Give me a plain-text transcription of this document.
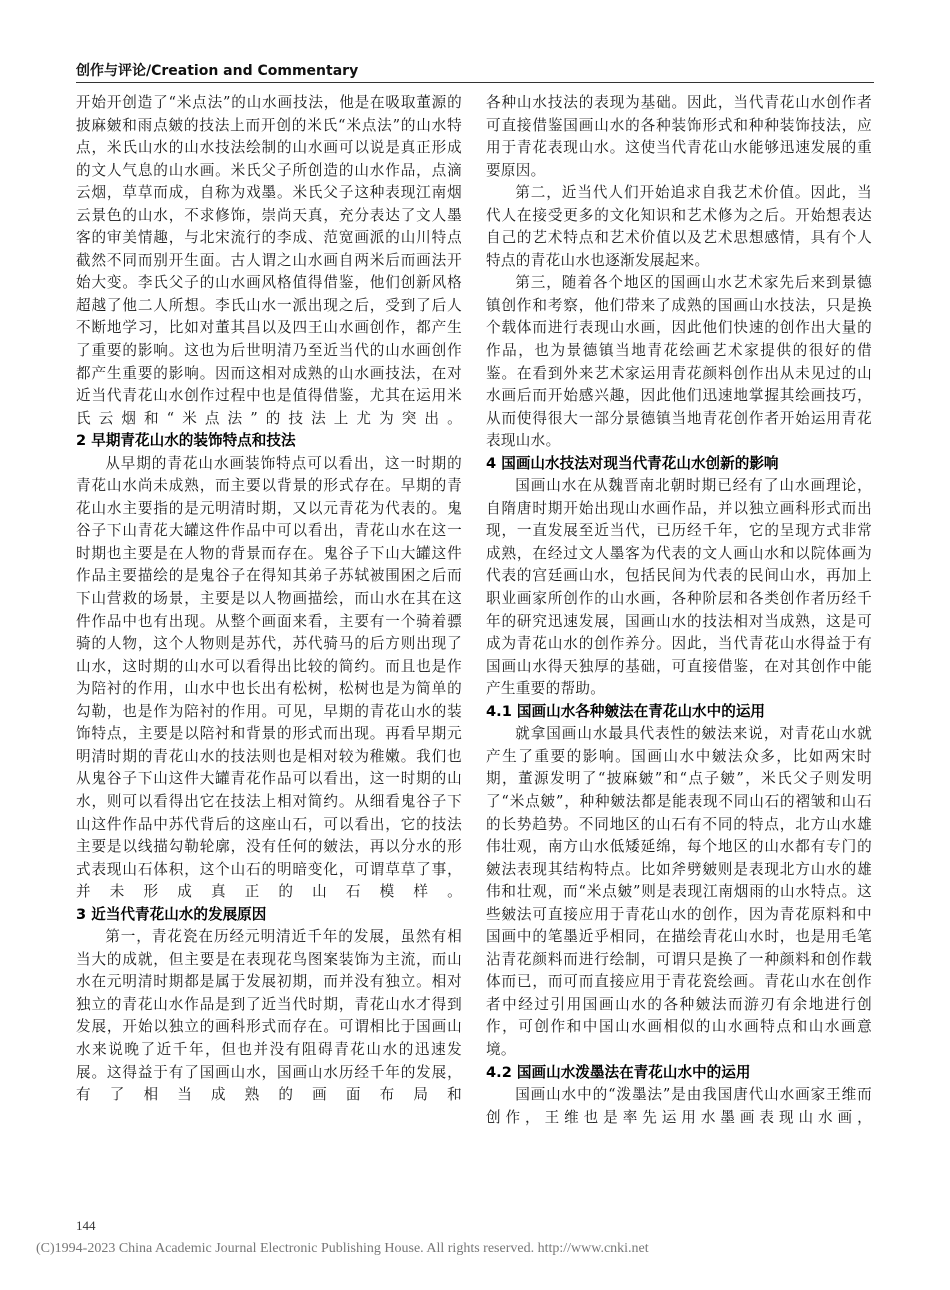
创作与评论/Creation and Commentary

开始开创造了“米点法”的山水画技法，他是在吸取董源的披麻皴和雨点皴的技法上而开创的米氏“米点法”的山水特点，米氏山水的山水技法绘制的山水画可以说是真正形成的文人气息的山水画。米氏父子所创造的山水作品，点滴云烟，草草而成，自称为戏墨。米氏父子这种表现江南烟云景色的山水，不求修饰，崇尚天真，充分表达了文人墨客的审美情趣，与北宋流行的李成、范宽画派的山川特点截然不同而别开生面。古人谓之山水画自两米后而画法开始大变。李氏父子的山水画风格值得借鉴，他们创新风格超越了他二人所想。李氏山水一派出现之后，受到了后人不断地学习，比如对董其昌以及四王山水画创作，都产生了重要的影响。这也为后世明清乃至近当代的山水画创作都产生重要的影响。因而这相对成熟的山水画技法，在对近当代青花山水创作过程中也是值得借鉴，尤其在运用米氏云烟和“米点法”的技法上尤为突出。

2 早期青花山水的装饰特点和技法

从早期的青花山水画装饰特点可以看出，这一时期的青花山水尚未成熟，而主要以背景的形式存在。早期的青花山水主要指的是元明清时期，又以元青花为代表的。鬼谷子下山青花大罐这件作品中可以看出，青花山水在这一时期也主要是在人物的背景而存在。鬼谷子下山大罐这件作品主要描绘的是鬼谷子在得知其弟子苏轼被围困之后而下山营救的场景，主要是以人物画描绘，而山水在其在这件作品中也有出现。从整个画面来看，主要有一个骑着骠骑的人物，这个人物则是苏代，苏代骑马的后方则出现了山水，这时期的山水可以看得出比较的简约。而且也是作为陪衬的作用，山水中也长出有松树，松树也是为简单的勾勒，也是作为陪衬的作用。可见，早期的青花山水的装饰特点，主要是以陪衬和背景的形式而出现。再看早期元明清时期的青花山水的技法则也是相对较为稚嫩。我们也从鬼谷子下山这件大罐青花作品可以看出，这一时期的山水，则可以看得出它在技法上相对简约。从细看鬼谷子下山这件作品中苏代背后的这座山石，可以看出，它的技法主要是以线描勾勒轮廓，没有任何的皴法，再以分水的形式表现山石体积，这个山石的明暗变化，可谓草草了事，并未形成真正的山石模样。

3 近当代青花山水的发展原因

第一，青花瓷在历经元明清近千年的发展，虽然有相当大的成就，但主要是在表现花鸟图案装饰为主流，而山水在元明清时期都是属于发展初期，而并没有独立。相对独立的青花山水作品是到了近当代时期，青花山水才得到发展，开始以独立的画科形式而存在。可谓相比于国画山水来说晚了近千年，但也并没有阻碍青花山水的迅速发展。这得益于有了国画山水，国画山水历经千年的发展，有了相当成熟的画面布局和

各种山水技法的表现为基础。因此，当代青花山水创作者可直接借鉴国画山水的各种装饰形式和种种装饰技法，应用于青花表现山水。这使当代青花山水能够迅速发展的重要原因。

第二，近当代人们开始追求自我艺术价值。因此，当代人在接受更多的文化知识和艺术修为之后。开始想表达自己的艺术特点和艺术价值以及艺术思想感情，具有个人特点的青花山水也逐渐发展起来。

第三，随着各个地区的国画山水艺术家先后来到景德镇创作和考察，他们带来了成熟的国画山水技法，只是换个载体而进行表现山水画，因此他们快速的创作出大量的作品，也为景德镇当地青花绘画艺术家提供的很好的借鉴。在看到外来艺术家运用青花颜料创作出从未见过的山水画后而开始感兴趣，因此他们迅速地掌握其绘画技巧，从而使得很大一部分景德镇当地青花创作者开始运用青花表现山水。

4 国画山水技法对现当代青花山水创新的影响

国画山水在从魏晋南北朝时期已经有了山水画理论，自隋唐时期开始出现山水画作品，并以独立画科形式而出现，一直发展至近当代，已历经千年，它的呈现方式非常成熟，在经过文人墨客为代表的文人画山水和以院体画为代表的宫廷画山水，包括民间为代表的民间山水，再加上职业画家所创作的山水画，各种阶层和各类创作者历经千年的研究迅速发展，国画山水的技法相对当成熟，这是可成为青花山水的创作养分。因此，当代青花山水得益于有国画山水得天独厚的基础，可直接借鉴，在对其创作中能产生重要的帮助。

4.1 国画山水各种皴法在青花山水中的运用

就拿国画山水最具代表性的皴法来说，对青花山水就产生了重要的影响。国画山水中皴法众多，比如两宋时期，董源发明了“披麻皴”和“点子皴”，米氏父子则发明了“米点皴”，种种皴法都是能表现不同山石的褶皱和山石的长势趋势。不同地区的山石有不同的特点，北方山水雄伟壮观，南方山水低矮延绵，每个地区的山水都有专门的皴法表现其结构特点。比如斧劈皴则是表现北方山水的雄伟和壮观，而“米点皴”则是表现江南烟雨的山水特点。这些皴法可直接应用于青花山水的创作，因为青花原料和中国画中的笔墨近乎相同，在描绘青花山水时，也是用毛笔沾青花颜料而进行绘制，可谓只是换了一种颜料和创作载体而已，而可而直接应用于青花瓷绘画。青花山水在创作者中经过引用国画山水的各种皴法而游刃有余地进行创作，可创作和中国山水画相似的山水画特点和山水画意境。

4.2 国画山水泼墨法在青花山水中的运用

国画山水中的“泼墨法”是由我国唐代山水画家王维而创作，王维也是率先运用水墨画表现山水画，

144
(C)1994-2023 China Academic Journal Electronic Publishing House. All rights reserved. http://www.cnki.net
